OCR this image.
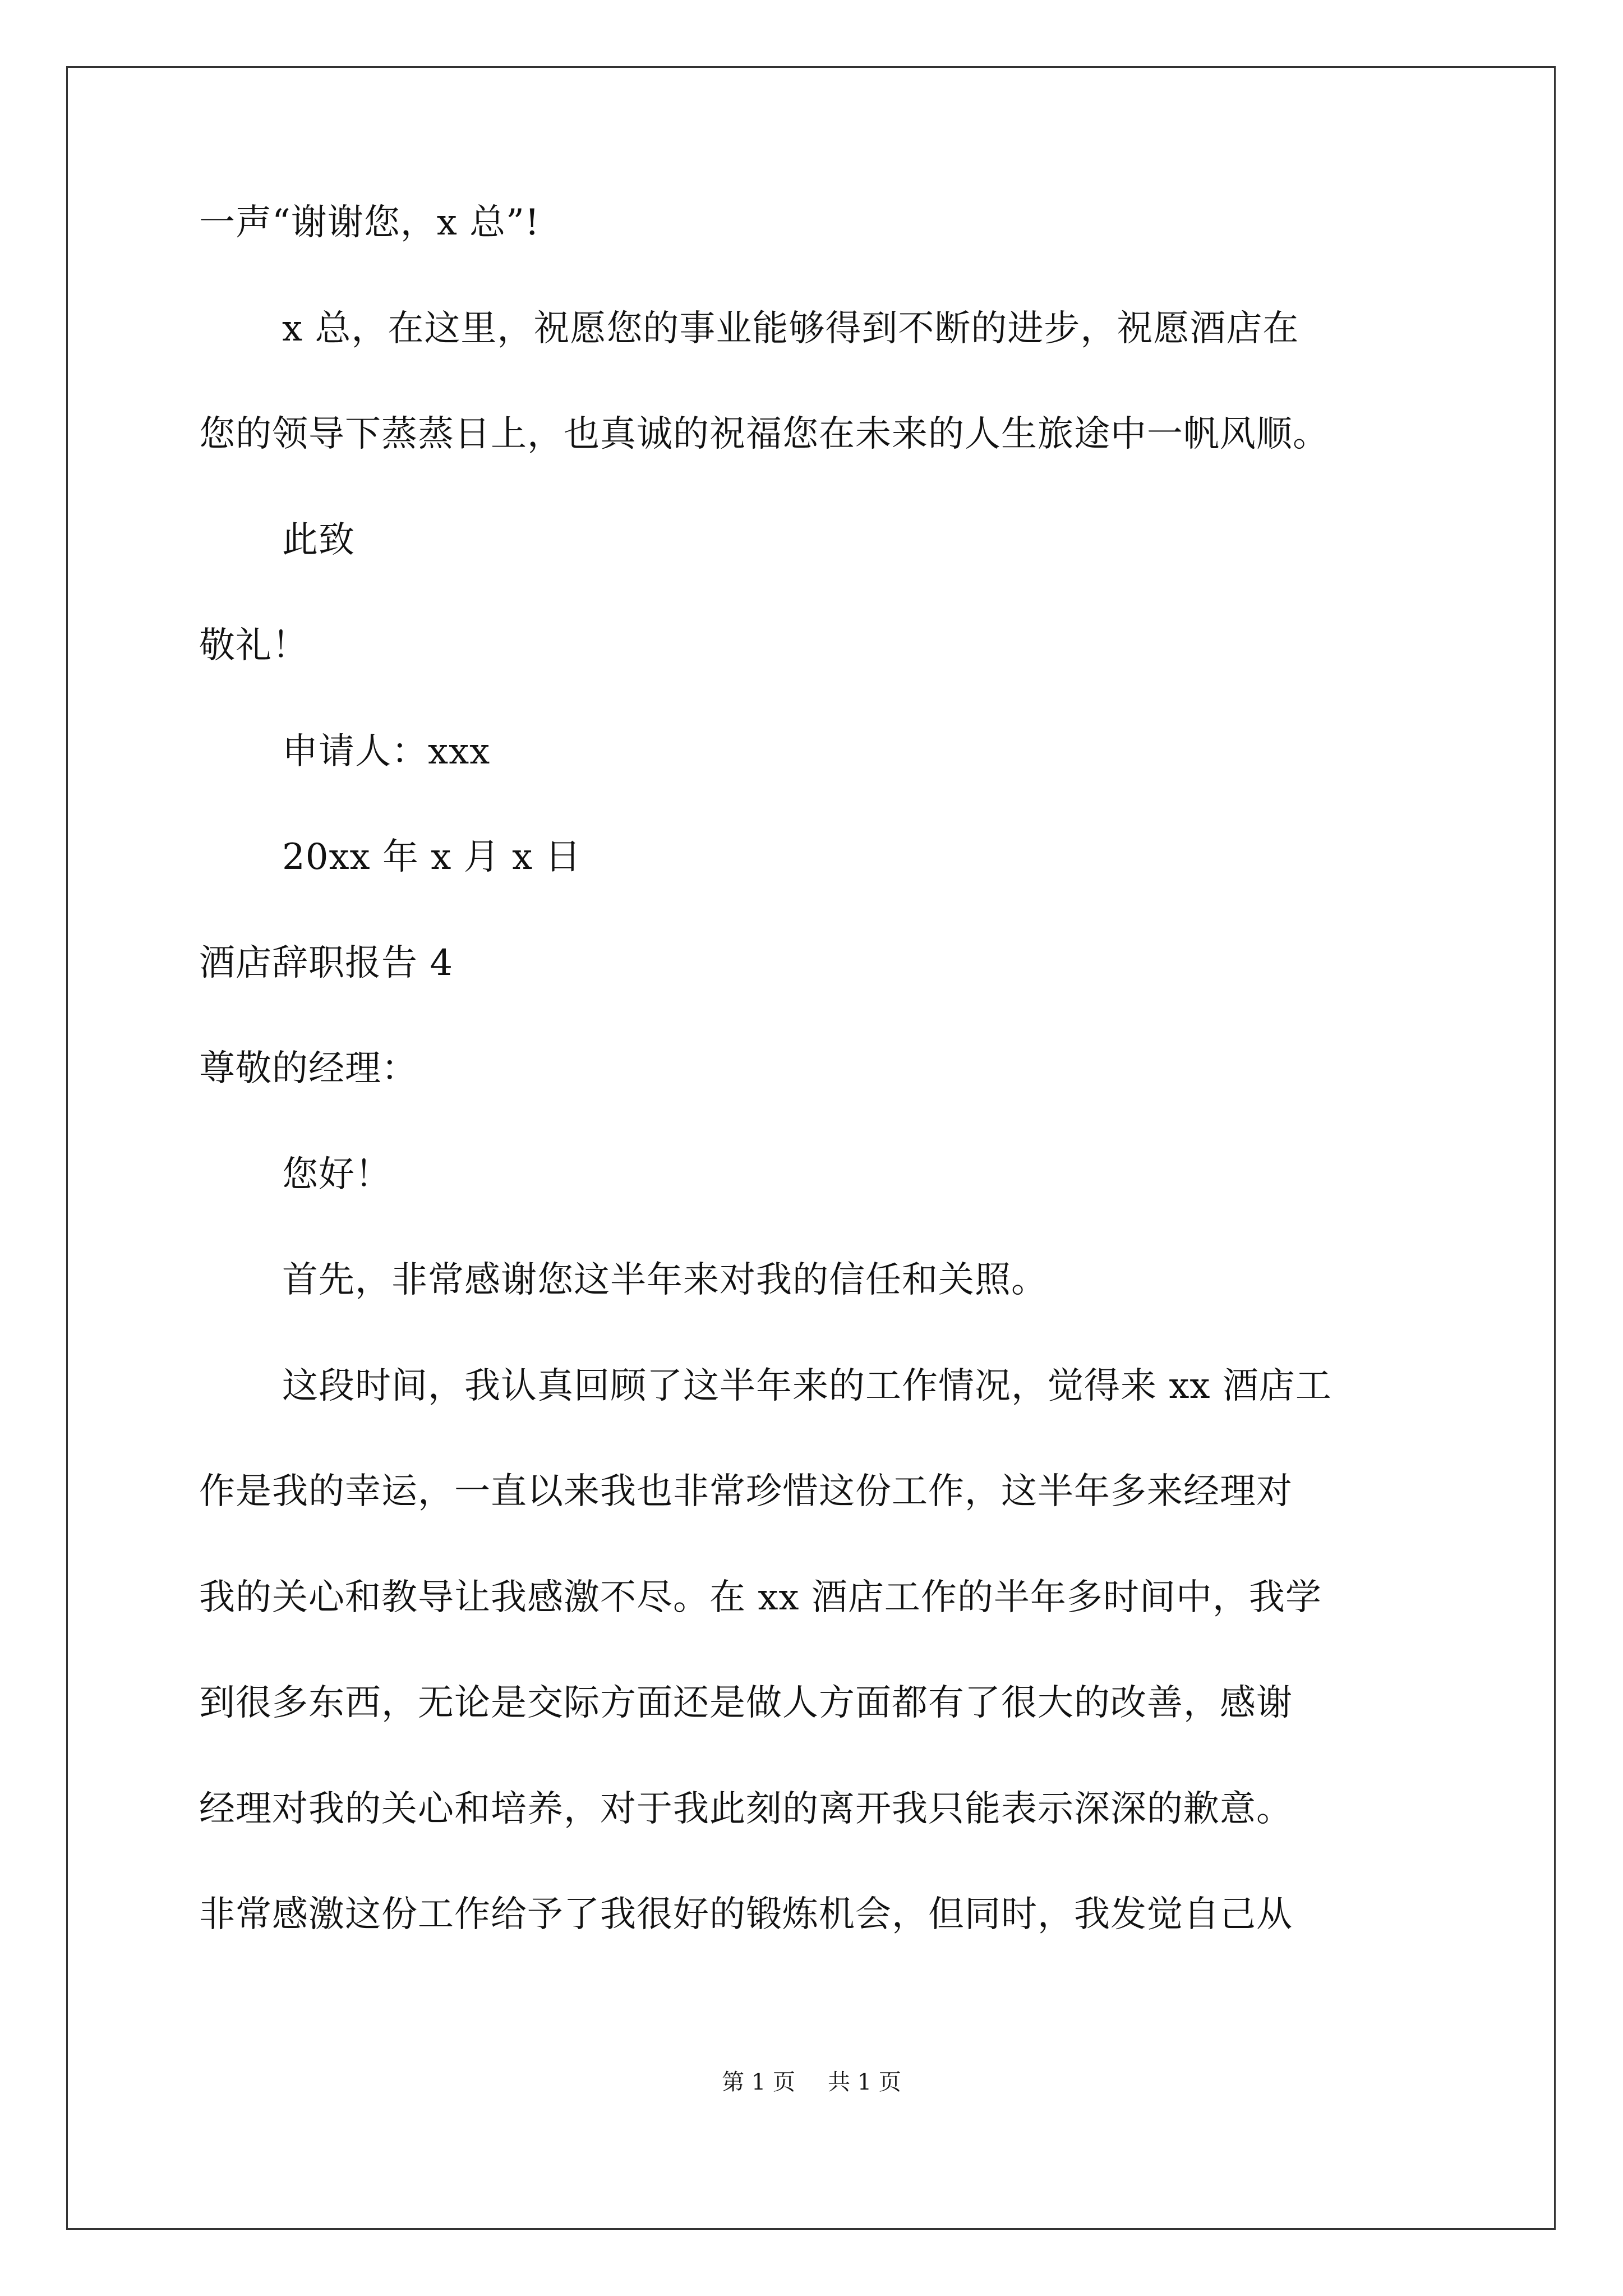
一声“谢谢您，x 总”!
x 总，在这里，祝愿您的事业能够得到不断的进步，祝愿酒店在
您的领导下蒸蒸日上，也真诚的祝福您在未来的人生旅途中一帆风顺。
此致
敬礼！
申请人：xxx
20xx 年 x 月 x 日
酒店辞职报告 4
尊敬的经理：
您好！
首先，非常感谢您这半年来对我的信任和关照。
这段时间，我认真回顾了这半年来的工作情况，觉得来 xx 酒店工
作是我的幸运，一直以来我也非常珍惜这份工作，这半年多来经理对
我的关心和教导让我感激不尽。在 xx 酒店工作的半年多时间中，我学
到很多东西，无论是交际方面还是做人方面都有了很大的改善，感谢
经理对我的关心和培养，对于我此刻的离开我只能表示深深的歉意。
非常感激这份工作给予了我很好的锻炼机会，但同时，我发觉自己从
第 1 页 共 1 页
